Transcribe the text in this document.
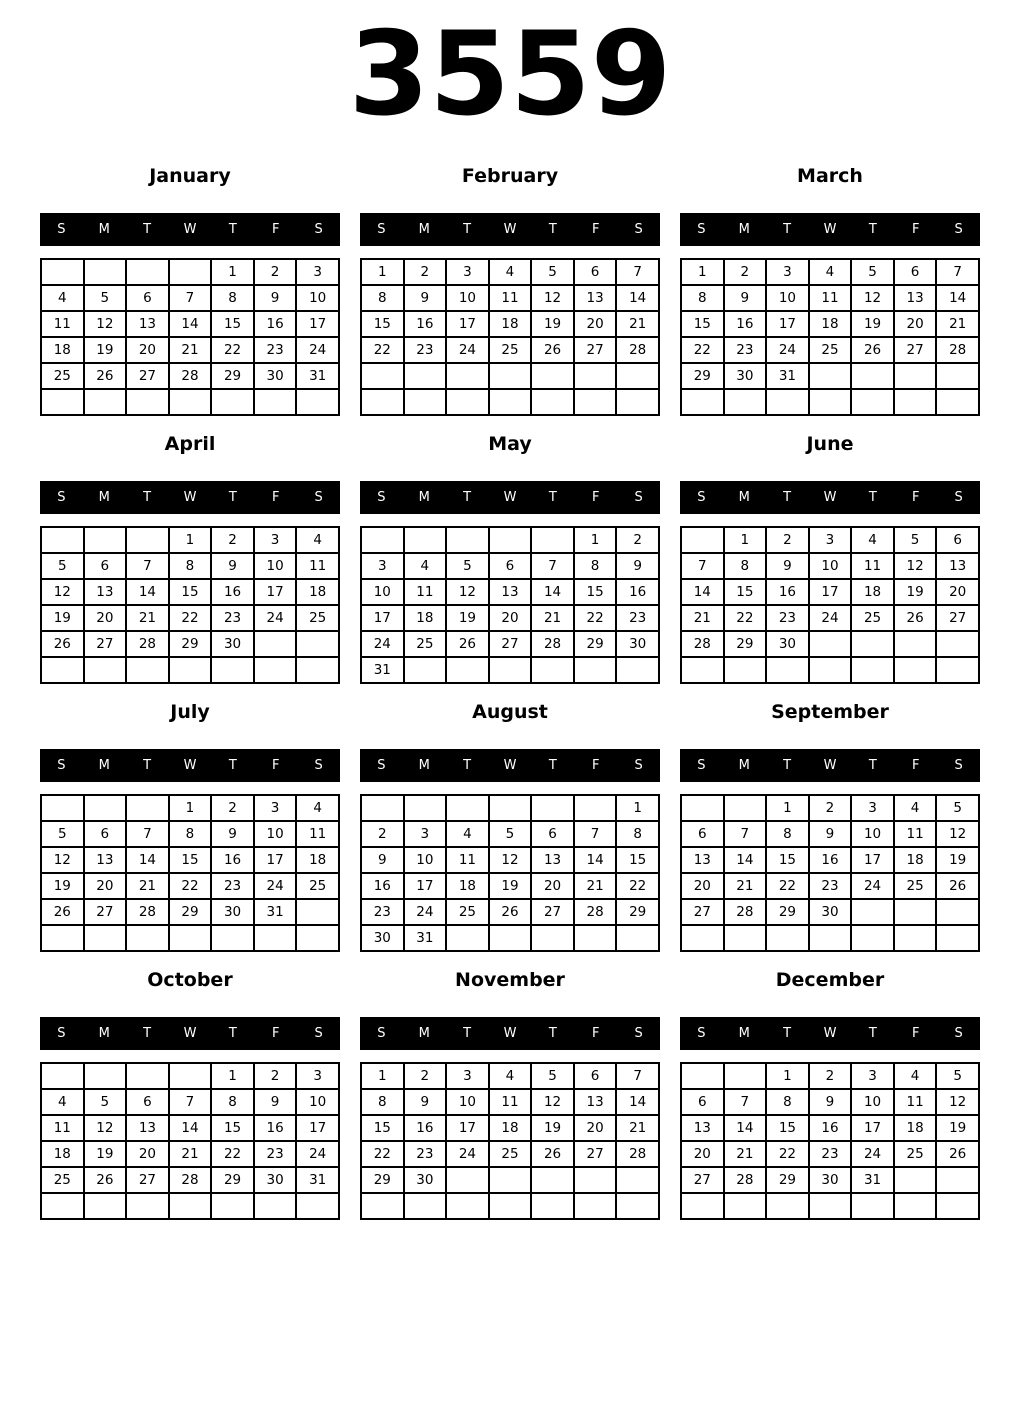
3559
January
S	M	T	W	T	F	S
				1	2	3
4	5	6	7	8	9	10
11	12	13	14	15	16	17
18	19	20	21	22	23	24
25	26	27	28	29	30	31

February
S	M	T	W	T	F	S
1	2	3	4	5	6	7
8	9	10	11	12	13	14
15	16	17	18	19	20	21
22	23	24	25	26	27	28

March
S	M	T	W	T	F	S
1	2	3	4	5	6	7
8	9	10	11	12	13	14
15	16	17	18	19	20	21
22	23	24	25	26	27	28
29	30	31				

April
S	M	T	W	T	F	S
			1	2	3	4
5	6	7	8	9	10	11
12	13	14	15	16	17	18
19	20	21	22	23	24	25
26	27	28	29	30		

May
S	M	T	W	T	F	S
					1	2
3	4	5	6	7	8	9
10	11	12	13	14	15	16
17	18	19	20	21	22	23
24	25	26	27	28	29	30
31						
June
S	M	T	W	T	F	S
	1	2	3	4	5	6
7	8	9	10	11	12	13
14	15	16	17	18	19	20
21	22	23	24	25	26	27
28	29	30				

July
S	M	T	W	T	F	S
			1	2	3	4
5	6	7	8	9	10	11
12	13	14	15	16	17	18
19	20	21	22	23	24	25
26	27	28	29	30	31	

August
S	M	T	W	T	F	S
						1
2	3	4	5	6	7	8
9	10	11	12	13	14	15
16	17	18	19	20	21	22
23	24	25	26	27	28	29
30	31					
September
S	M	T	W	T	F	S
		1	2	3	4	5
6	7	8	9	10	11	12
13	14	15	16	17	18	19
20	21	22	23	24	25	26
27	28	29	30			

October
S	M	T	W	T	F	S
				1	2	3
4	5	6	7	8	9	10
11	12	13	14	15	16	17
18	19	20	21	22	23	24
25	26	27	28	29	30	31

November
S	M	T	W	T	F	S
1	2	3	4	5	6	7
8	9	10	11	12	13	14
15	16	17	18	19	20	21
22	23	24	25	26	27	28
29	30					

December
S	M	T	W	T	F	S
		1	2	3	4	5
6	7	8	9	10	11	12
13	14	15	16	17	18	19
20	21	22	23	24	25	26
27	28	29	30	31		
